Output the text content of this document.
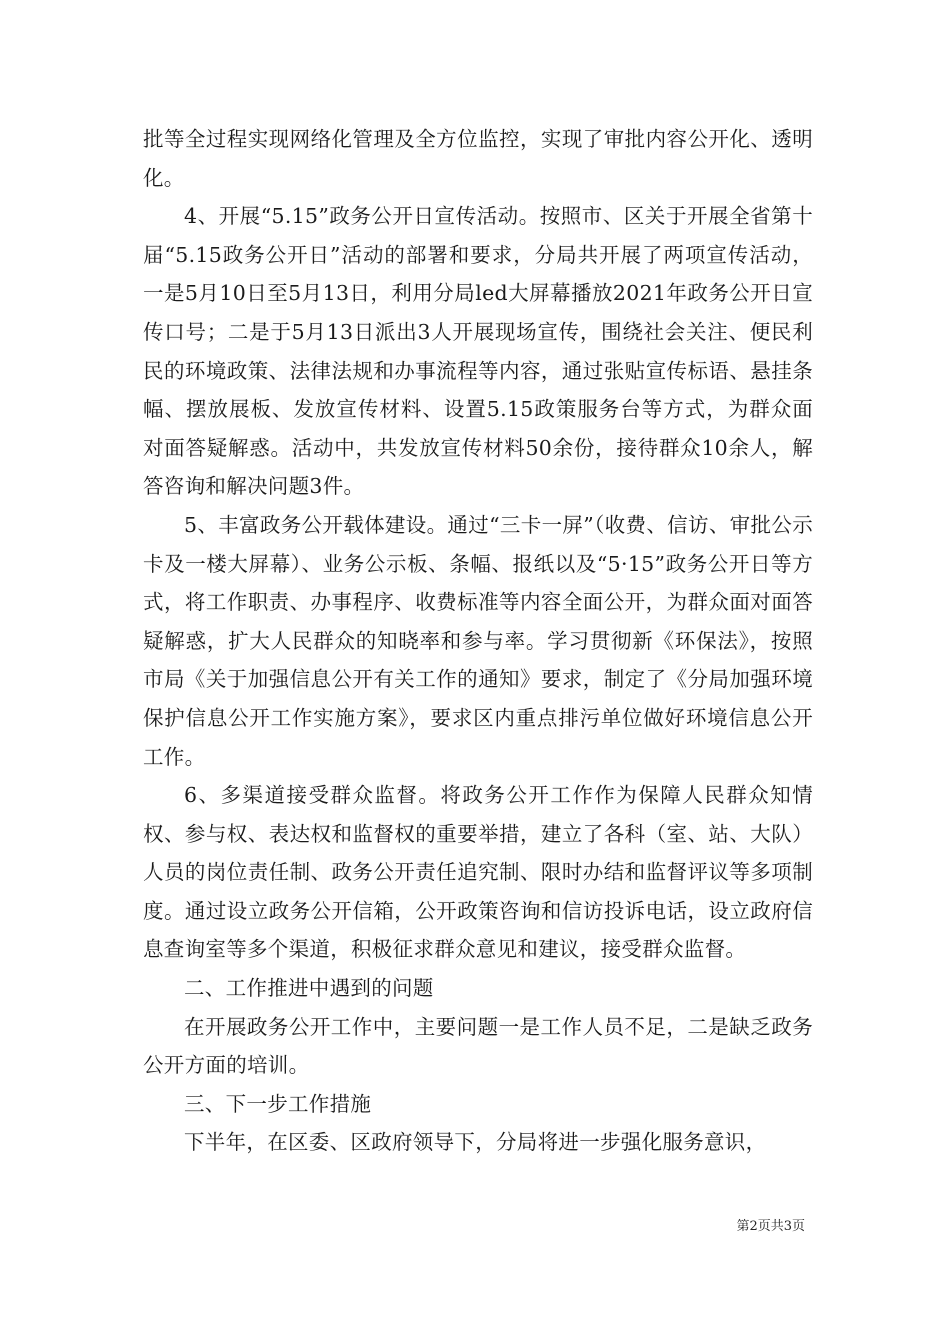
批等全过程实现网络化管理及全方位监控，实现了审批内容公开化、透明化。

4、开展“5.15”政务公开日宣传活动。按照市、区关于开展全省第十届“5.15政务公开日”活动的部署和要求，分局共开展了两项宣传活动，一是5月10日至5月13日，利用分局led大屏幕播放2021年政务公开日宣传口号；二是于5月13日派出3人开展现场宣传，围绕社会关注、便民利民的环境政策、法律法规和办事流程等内容，通过张贴宣传标语、悬挂条幅、摆放展板、发放宣传材料、设置5.15政策服务台等方式，为群众面对面答疑解惑。活动中，共发放宣传材料50余份，接待群众10余人，解答咨询和解决问题3件。

5、丰富政务公开载体建设。通过“三卡一屏”（收费、信访、审批公示卡及一楼大屏幕）、业务公示板、条幅、报纸以及“5·15”政务公开日等方式，将工作职责、办事程序、收费标准等内容全面公开，为群众面对面答疑解惑，扩大人民群众的知晓率和参与率。学习贯彻新《环保法》，按照市局《关于加强信息公开有关工作的通知》要求，制定了《分局加强环境保护信息公开工作实施方案》，要求区内重点排污单位做好环境信息公开工作。

6、多渠道接受群众监督。将政务公开工作作为保障人民群众知情权、参与权、表达权和监督权的重要举措，建立了各科（室、站、大队）人员的岗位责任制、政务公开责任追究制、限时办结和监督评议等多项制度。通过设立政务公开信箱，公开政策咨询和信访投诉电话，设立政府信息查询室等多个渠道，积极征求群众意见和建议，接受群众监督。

二、工作推进中遇到的问题

在开展政务公开工作中，主要问题一是工作人员不足，二是缺乏政务公开方面的培训。

三、下一步工作措施

下半年，在区委、区政府领导下，分局将进一步强化服务意识，

第2页共3页
